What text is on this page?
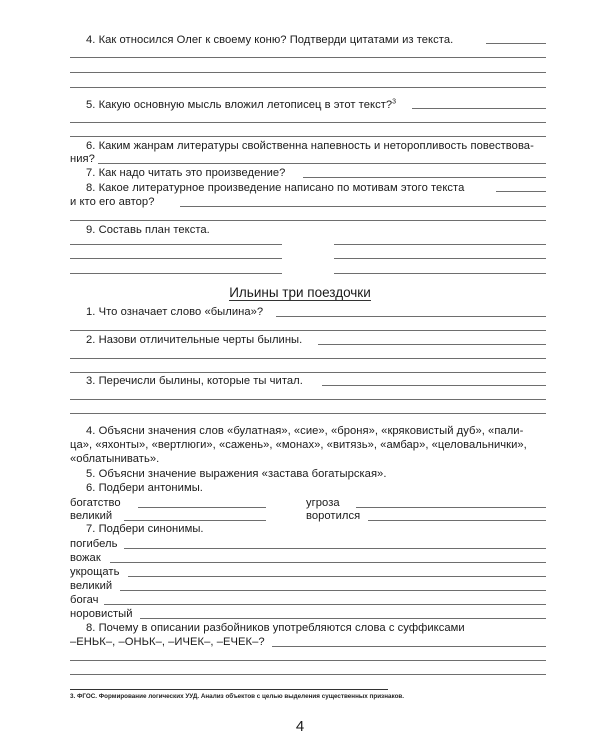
4. Как относился Олег к своему коню? Подтверди цитатами из текста.
5. Какую основную мысль вложил летописец в этот текст?$^3$
6. Каким жанрам литературы свойственна напевность и неторопливость повествова-
ния?
7. Как надо читать это произведение?
8. Какое литературное произведение написано по мотивам этого текста
и кто его автор?
9. Составь план текста.
Ильины три поездочки
1. Что означает слово «былина»?
2. Назови отличительные черты былины.
3. Перечисли былины, которые ты читал.
4. Объясни значения слов «булатная», «сие», «броня», «кряковистый дуб», «пали-
ца», «яхонты», «вертлюги», «сажень», «монах», «витязь», «амбар», «целовальнички»,
«облатынивать».
5. Объясни значение выражения «застава богатырская».
6. Подбери антонимы.
богатство
великий
угроза
воротился
7. Подбери синонимы.
погибель
вожак
укрощать
великий
богач
норовистый
8. Почему в описании разбойников употребляются слова с суффиксами
–ЕНЬК–, –ОНЬК–, –ИЧЕК–, –ЕЧЕК–?
3. ФГОС. Формирование логических УУД. Анализ объектов с целью выделения существенных признаков.
4
